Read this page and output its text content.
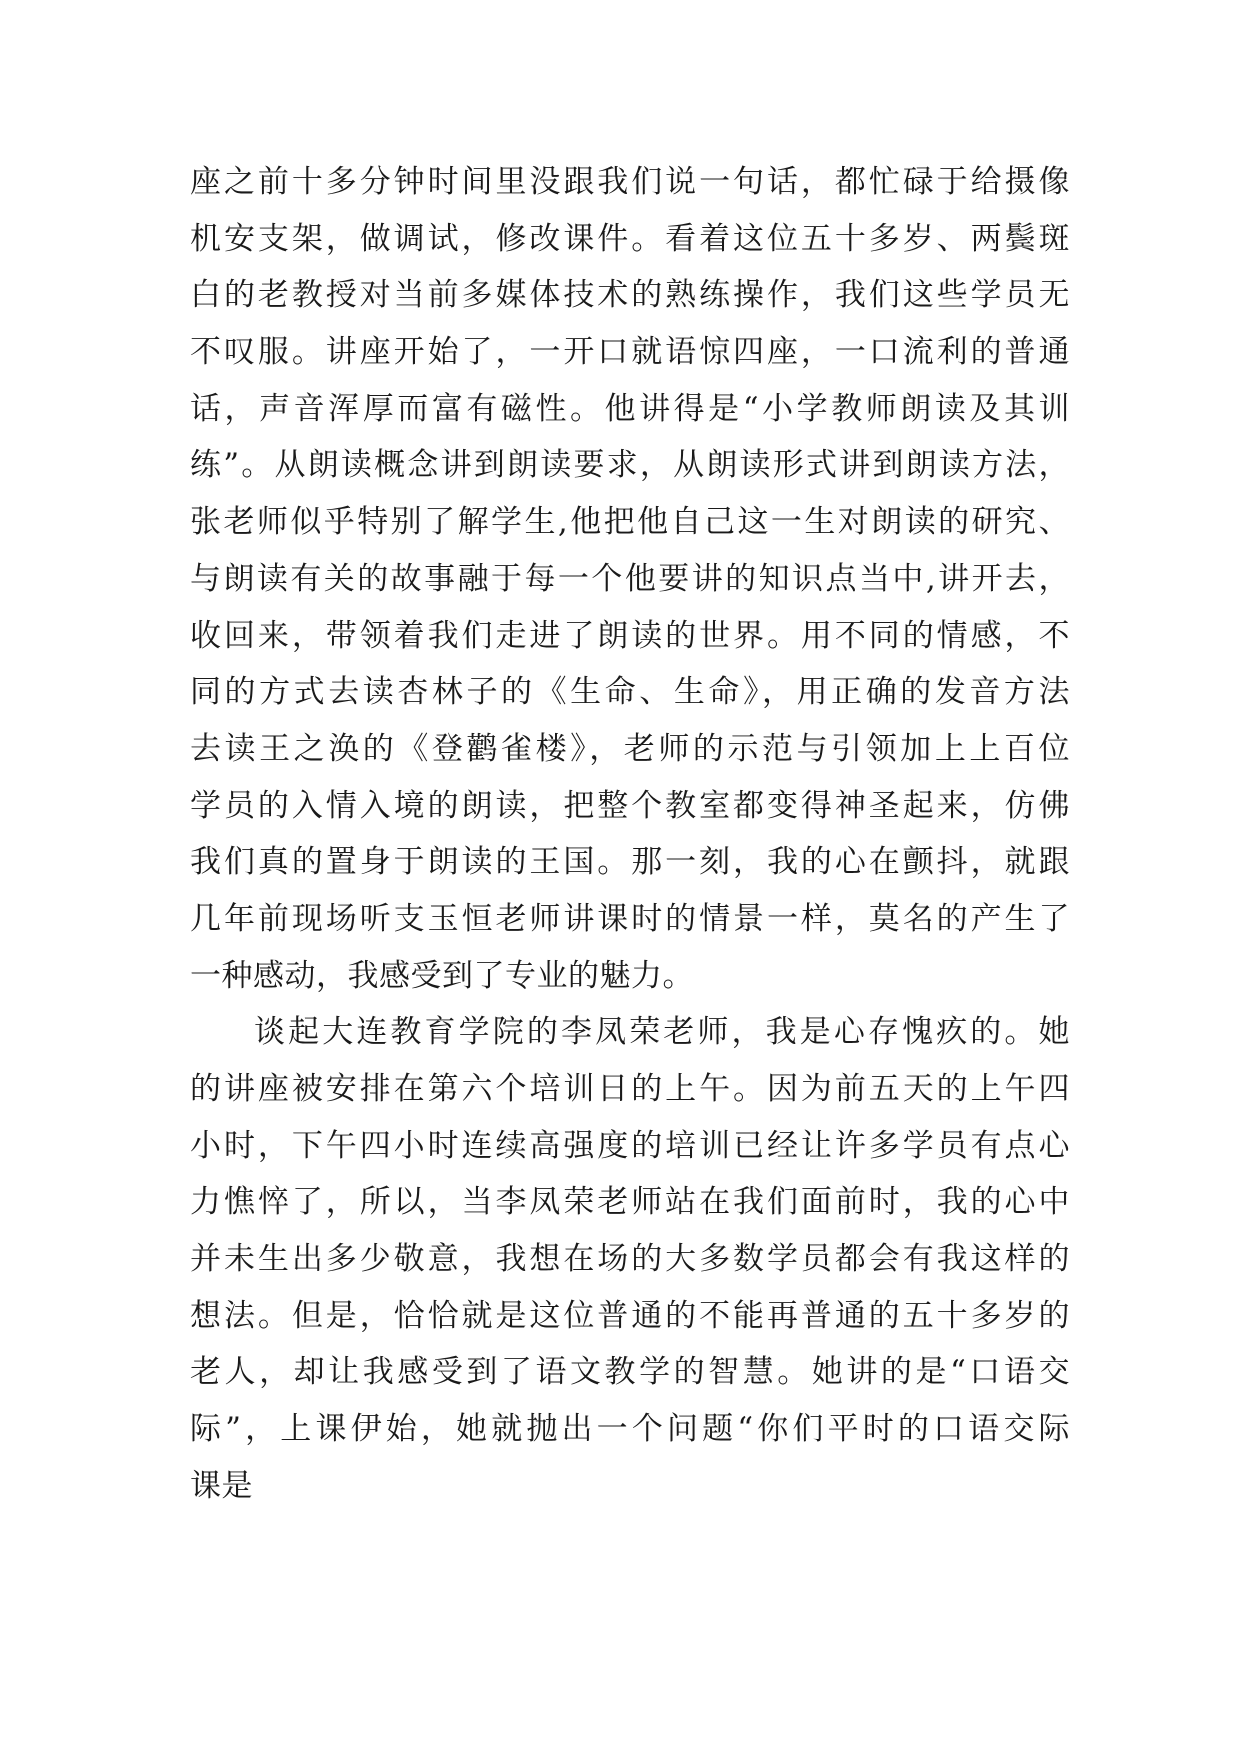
座之前十多分钟时间里没跟我们说一句话，都忙碌于给摄像
机安支架，做调试，修改课件。看着这位五十多岁、两鬓斑
白的老教授对当前多媒体技术的熟练操作，我们这些学员无
不叹服。讲座开始了，一开口就语惊四座，一口流利的普通
话，声音浑厚而富有磁性。他讲得是“小学教师朗读及其训
练”。从朗读概念讲到朗读要求，从朗读形式讲到朗读方法，
张老师似乎特别了解学生,他把他自己这一生对朗读的研究、
与朗读有关的故事融于每一个他要讲的知识点当中,讲开去，
收回来，带领着我们走进了朗读的世界。用不同的情感，不
同的方式去读杏林子的《生命、生命》，用正确的发音方法
去读王之涣的《登鹳雀楼》，老师的示范与引领加上上百位
学员的入情入境的朗读，把整个教室都变得神圣起来，仿佛
我们真的置身于朗读的王国。那一刻，我的心在颤抖，就跟
几年前现场听支玉恒老师讲课时的情景一样，莫名的产生了
一种感动，我感受到了专业的魅力。
谈起大连教育学院的李凤荣老师，我是心存愧疚的。她
的讲座被安排在第六个培训日的上午。因为前五天的上午四
小时，下午四小时连续高强度的培训已经让许多学员有点心
力憔悴了，所以，当李凤荣老师站在我们面前时，我的心中
并未生出多少敬意，我想在场的大多数学员都会有我这样的
想法。但是，恰恰就是这位普通的不能再普通的五十多岁的
老人，却让我感受到了语文教学的智慧。她讲的是“口语交
际”，上课伊始，她就抛出一个问题“你们平时的口语交际
课是
